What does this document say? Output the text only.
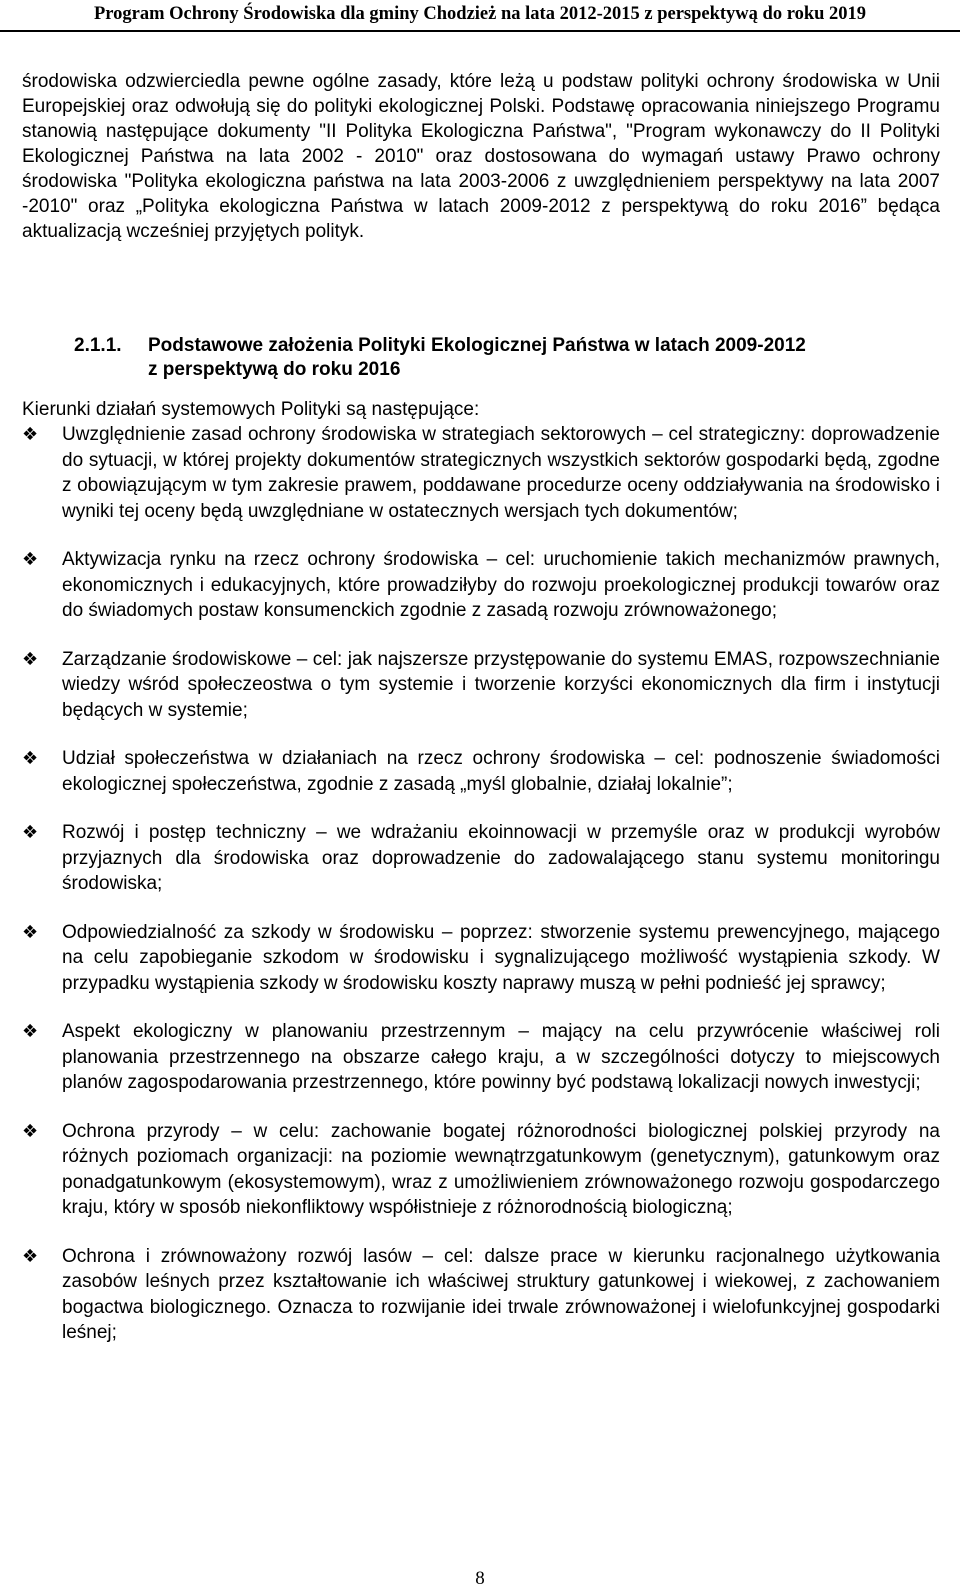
Program Ochrony Środowiska dla gminy Chodzież na lata 2012-2015 z perspektywą do roku 2019
środowiska odzwierciedla pewne ogólne zasady, które leżą u podstaw polityki ochrony środowiska w Unii Europejskiej oraz odwołują się do polityki ekologicznej Polski. Podstawę opracowania niniejszego Programu stanowią następujące dokumenty "II Polityka Ekologiczna Państwa", "Program wykonawczy do II Polityki Ekologicznej Państwa na lata 2002 - 2010" oraz dostosowana do wymagań ustawy Prawo ochrony środowiska "Polityka ekologiczna państwa na lata 2003-2006 z uwzględnieniem perspektywy na lata 2007 -2010" oraz „Polityka ekologiczna Państwa w latach 2009-2012 z perspektywą do roku 2016” będąca aktualizacją wcześniej przyjętych polityk.
2.1.1. Podstawowe założenia Polityki Ekologicznej Państwa w latach 2009-2012
z perspektywą do roku 2016
Kierunki działań systemowych Polityki są następujące:
❖ Uwzględnienie zasad ochrony środowiska w strategiach sektorowych – cel strategiczny: doprowadzenie do sytuacji, w której projekty dokumentów strategicznych wszystkich sektorów gospodarki będą, zgodne z obowiązującym w tym zakresie prawem, poddawane procedurze oceny oddziaływania na środowisko i wyniki tej oceny będą uwzględniane w ostatecznych wersjach tych dokumentów;
❖ Aktywizacja rynku na rzecz ochrony środowiska – cel: uruchomienie takich mechanizmów prawnych, ekonomicznych i edukacyjnych, które prowadziłyby do rozwoju proekologicznej produkcji towarów oraz do świadomych postaw konsumenckich zgodnie z zasadą rozwoju zrównoważonego;
❖ Zarządzanie środowiskowe – cel: jak najszersze przystępowanie do systemu EMAS, rozpowszechnianie wiedzy wśród społeczeostwa o tym systemie i tworzenie korzyści ekonomicznych dla firm i instytucji będących w systemie;
❖ Udział społeczeństwa w działaniach na rzecz ochrony środowiska – cel: podnoszenie świadomości ekologicznej społeczeństwa, zgodnie z zasadą „myśl globalnie, działaj lokalnie”;
❖ Rozwój i postęp techniczny – we wdrażaniu ekoinnowacji w przemyśle oraz w produkcji wyrobów przyjaznych dla środowiska oraz doprowadzenie do zadowalającego stanu systemu monitoringu środowiska;
❖ Odpowiedzialność za szkody w środowisku – poprzez: stworzenie systemu prewencyjnego, mającego na celu zapobieganie szkodom w środowisku i sygnalizującego możliwość wystąpienia szkody. W przypadku wystąpienia szkody w środowisku koszty naprawy muszą w pełni podnieść jej sprawcy;
❖ Aspekt ekologiczny w planowaniu przestrzennym – mający na celu przywrócenie właściwej roli planowania przestrzennego na obszarze całego kraju, a w szczególności dotyczy to miejscowych planów zagospodarowania przestrzennego, które powinny być podstawą lokalizacji nowych inwestycji;
❖ Ochrona przyrody – w celu: zachowanie bogatej różnorodności biologicznej polskiej przyrody na różnych poziomach organizacji: na poziomie wewnątrzgatunkowym (genetycznym), gatunkowym oraz ponadgatunkowym (ekosystemowym), wraz z umożliwieniem zrównoważonego rozwoju gospodarczego kraju, który w sposób niekonfliktowy współistnieje z różnorodnością biologiczną;
❖ Ochrona i zrównoważony rozwój lasów – cel: dalsze prace w kierunku racjonalnego użytkowania zasobów leśnych przez kształtowanie ich właściwej struktury gatunkowej i wiekowej, z zachowaniem bogactwa biologicznego. Oznacza to rozwijanie idei trwale zrównoważonej i wielofunkcyjnej gospodarki leśnej;
8
